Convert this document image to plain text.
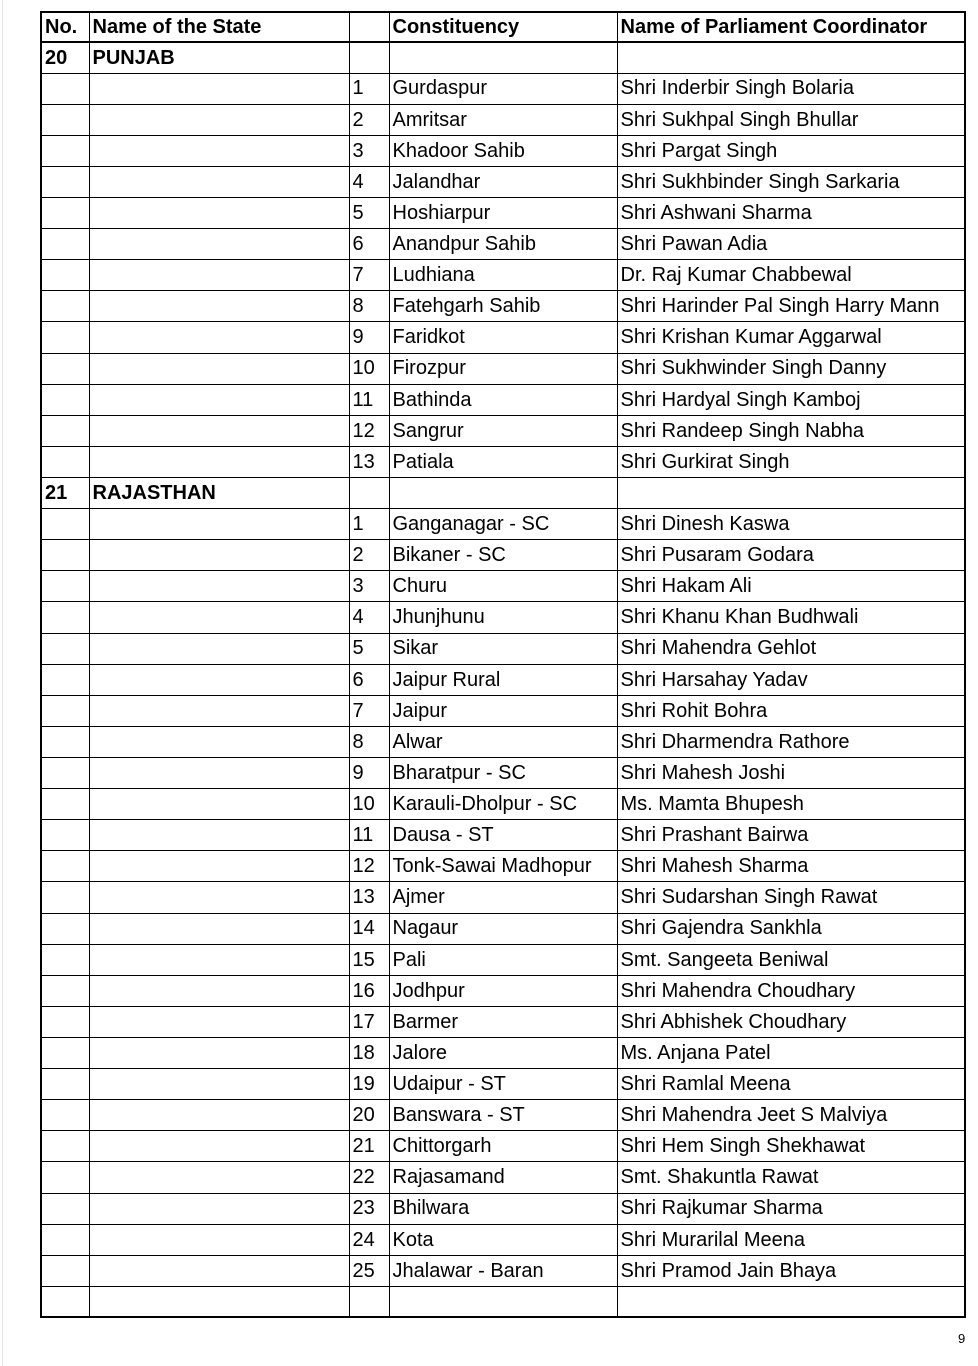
No.	Name of the State		Constituency	Name of Parliament Coordinator
20	PUNJAB			
		1	Gurdaspur	Shri Inderbir Singh Bolaria
		2	Amritsar	Shri Sukhpal Singh Bhullar
		3	Khadoor Sahib	Shri Pargat Singh
		4	Jalandhar	Shri Sukhbinder Singh Sarkaria
		5	Hoshiarpur	Shri Ashwani Sharma
		6	Anandpur Sahib	Shri Pawan Adia
		7	Ludhiana	Dr. Raj Kumar Chabbewal
		8	Fatehgarh Sahib	Shri Harinder Pal Singh Harry Mann
		9	Faridkot	Shri Krishan Kumar Aggarwal
		10	Firozpur	Shri Sukhwinder Singh Danny
		11	Bathinda	Shri Hardyal Singh Kamboj
		12	Sangrur	Shri Randeep Singh Nabha
		13	Patiala	Shri Gurkirat Singh
21	RAJASTHAN			
		1	Ganganagar - SC	Shri Dinesh Kaswa
		2	Bikaner - SC	Shri Pusaram Godara
		3	Churu	Shri Hakam Ali
		4	Jhunjhunu	Shri Khanu Khan Budhwali
		5	Sikar	Shri Mahendra Gehlot
		6	Jaipur Rural	Shri Harsahay Yadav
		7	Jaipur	Shri Rohit Bohra
		8	Alwar	Shri Dharmendra Rathore
		9	Bharatpur - SC	Shri Mahesh Joshi
		10	Karauli-Dholpur - SC	Ms. Mamta Bhupesh
		11	Dausa - ST	Shri Prashant Bairwa
		12	Tonk-Sawai Madhopur	Shri Mahesh Sharma
		13	Ajmer	Shri Sudarshan Singh Rawat
		14	Nagaur	Shri Gajendra Sankhla
		15	Pali	Smt. Sangeeta Beniwal
		16	Jodhpur	Shri Mahendra Choudhary
		17	Barmer	Shri Abhishek Choudhary
		18	Jalore	Ms. Anjana Patel
		19	Udaipur - ST	Shri Ramlal Meena
		20	Banswara - ST	Shri Mahendra Jeet S Malviya
		21	Chittorgarh	Shri Hem Singh Shekhawat
		22	Rajasamand	Smt. Shakuntla Rawat
		23	Bhilwara	Shri Rajkumar Sharma
		24	Kota	Shri Murarilal Meena
		25	Jhalawar - Baran	Shri Pramod Jain Bhaya

9
